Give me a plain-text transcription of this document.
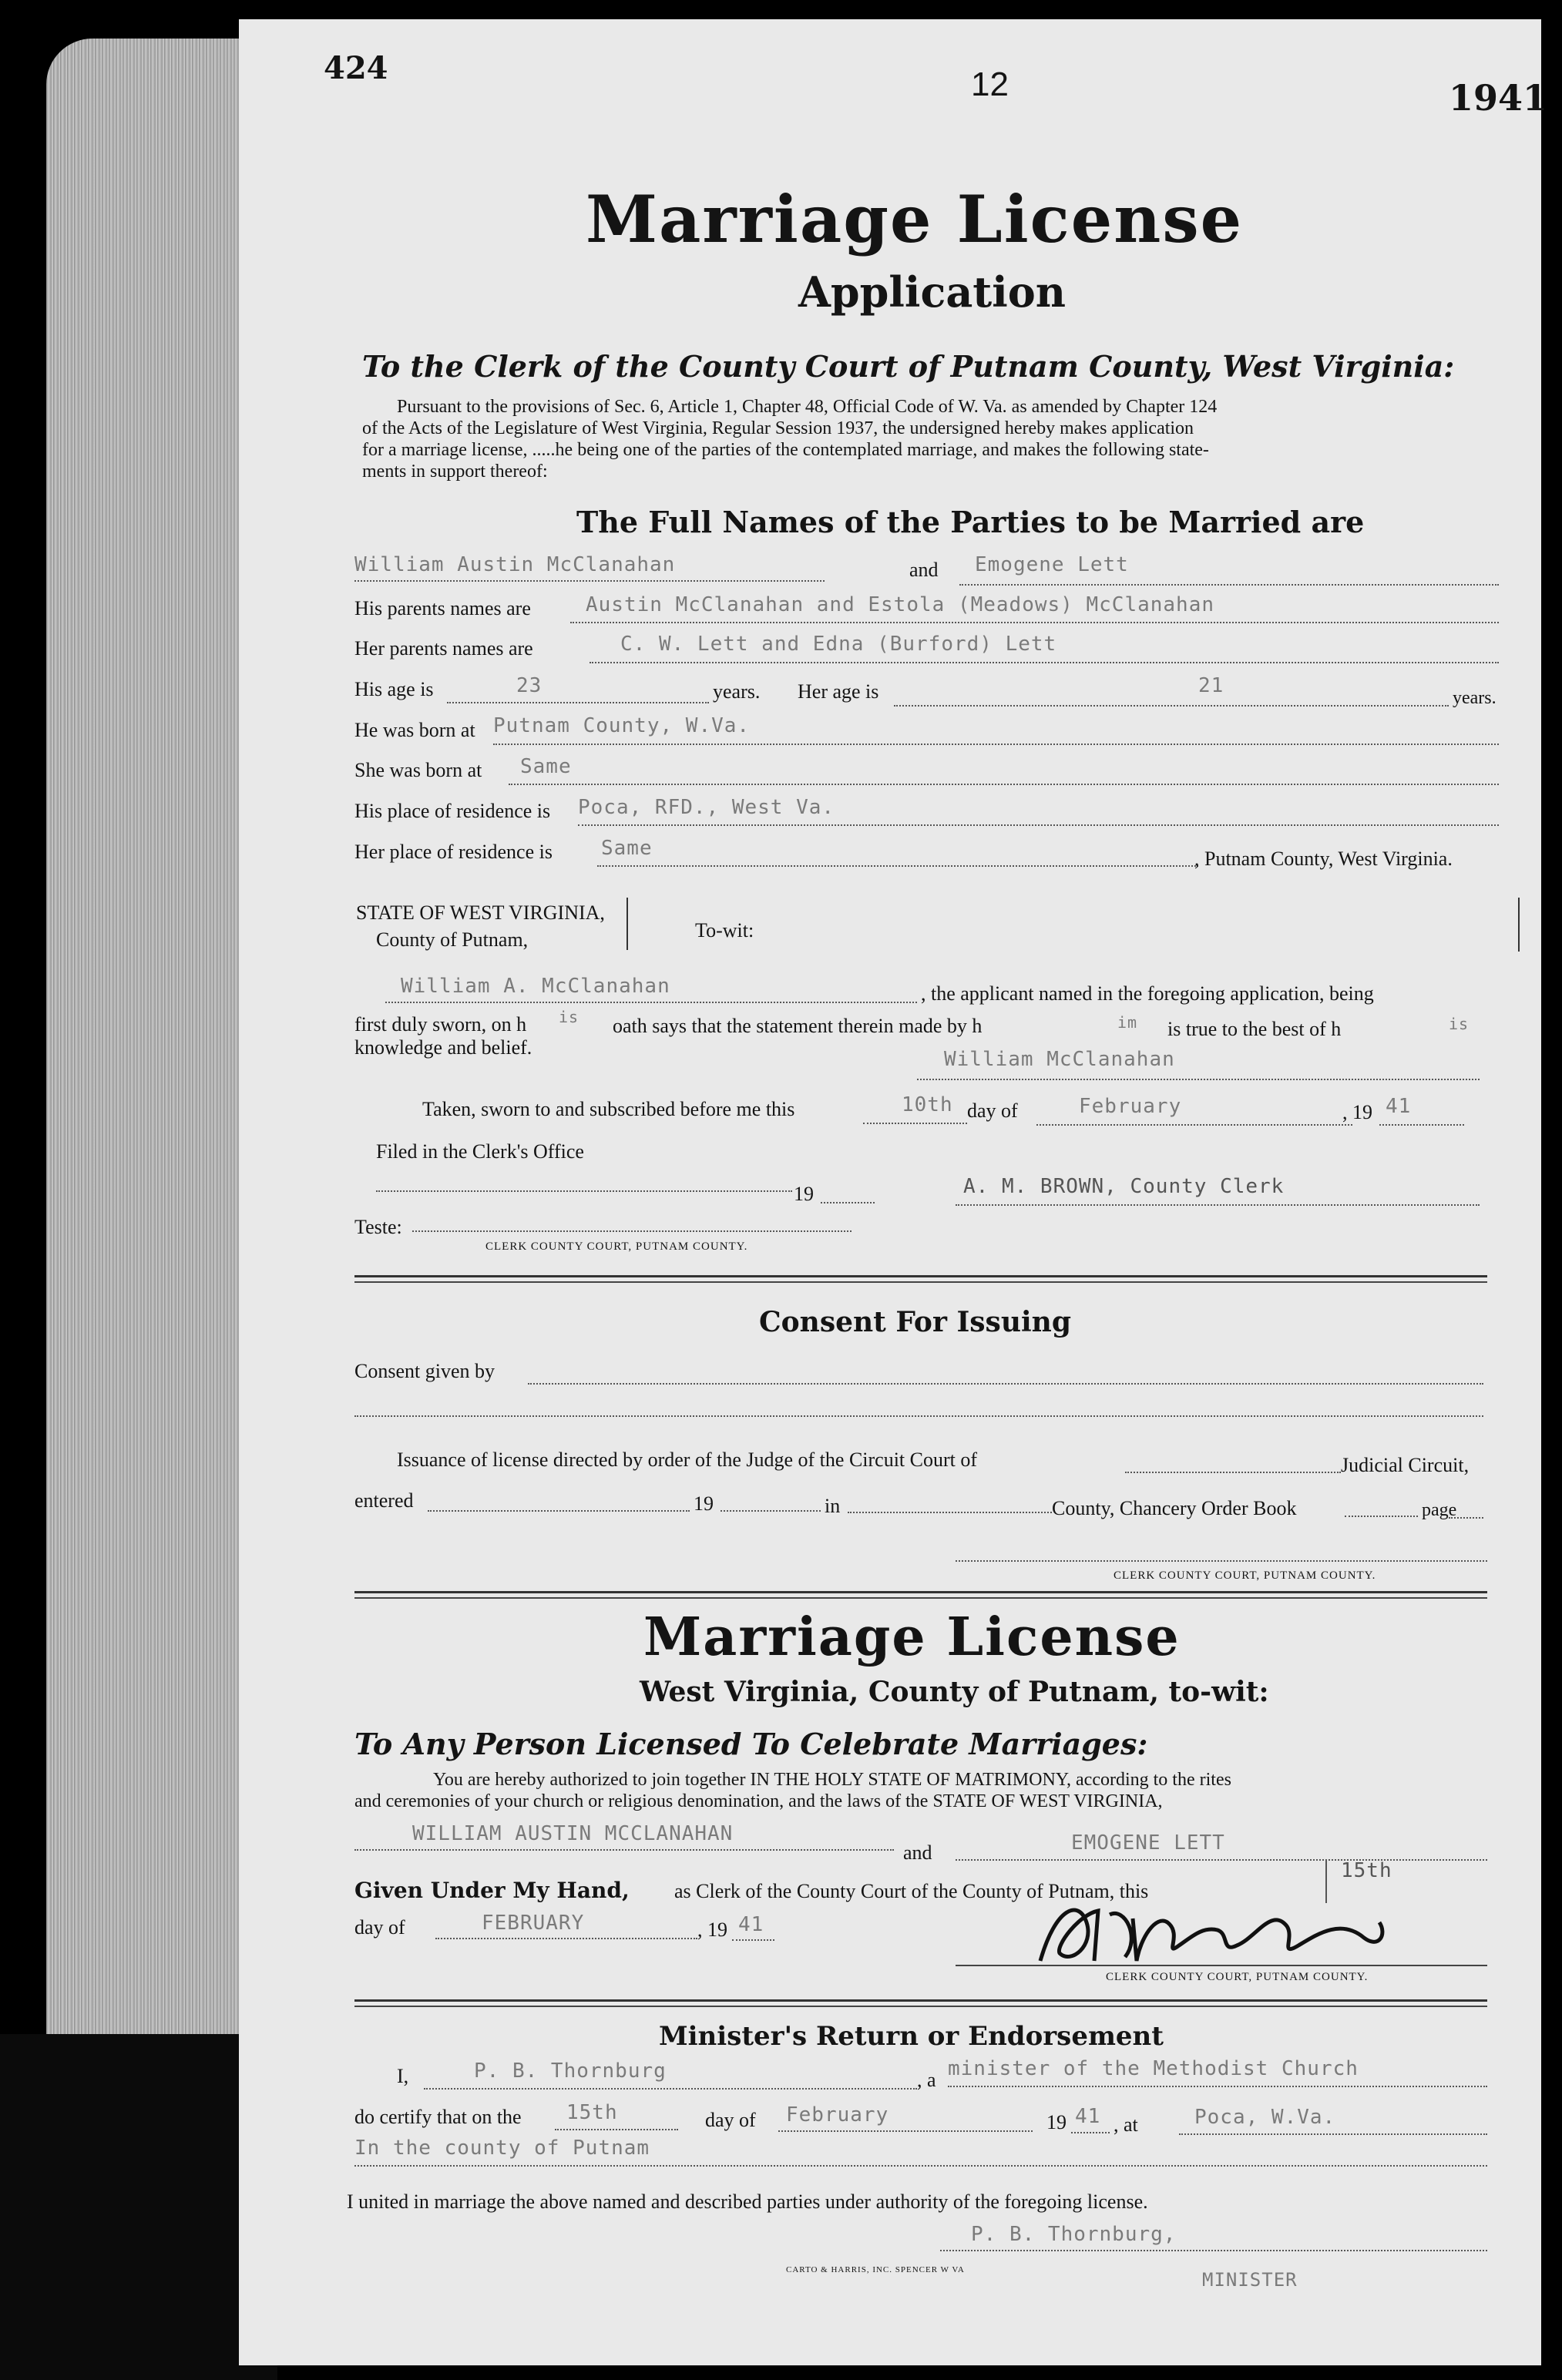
424	12	1941
Marriage License
Application
To the Clerk of the County Court of Putnam County, West Virginia:
Pursuant to the provisions of Sec. 6, Article 1, Chapter 48, Official Code of W. Va. as amended by Chapter 124
of the Acts of the Legislature of West Virginia, Regular Session 1937, the undersigned hereby makes application
for a marriage license, .....he being one of the parties of the contemplated marriage, and makes the following state-
ments in support thereof:
The Full Names of the Parties to be Married are
William Austin McClanahan	and Emogene Lett
His parents names are	Austin McClanahan and Estola (Meadows) McClanahan
Her parents names are	C. W. Lett and Edna (Burford) Lett
His age is	23	years. Her age is	21
years.
He was born at Putnam County, W.Va.
She was born at Same
His place of residence is Poca, RFD., West Va.
Her place of residence is Same	, Putnam County, West Virginia.
STATE OF WEST VIRGINIA,
County of Putnam,	To-wit:
William A. McClanahan	, the applicant named in the foregoing application, being
first duly sworn, on h is oath says that the statement therein made by h	im is true to the best of h	is
knowledge and belief.
William McClanahan
Taken, sworn to and subscribed before me this	10th day of	February	, 19 41
Filed in the Clerk's Office
19	A. M. BROWN, County Clerk
Teste:
CLERK COUNTY COURT, PUTNAM COUNTY.
Consent For Issuing
Consent given by
Issuance of license directed by order of the Judge of the Circuit Court of	Judicial Circuit,
entered	19	in	County, Chancery Order Book	page
CLERK COUNTY COURT, PUTNAM COUNTY.
Marriage License
West Virginia, County of Putnam, to-wit:
To Any Person Licensed To Celebrate Marriages:
You are hereby authorized to join together IN THE HOLY STATE OF MATRIMONY, according to the rites
and ceremonies of your church or religious denomination, and the laws of the STATE OF WEST VIRGINIA,
WILLIAM AUSTIN MCCLANAHAN
and	EMOGENE LETT
Given Under My Hand, as Clerk of the County Court of the County of Putnam, this
15th
day of	FEBRUARY	, 19 41
CLERK COUNTY COURT, PUTNAM COUNTY.
Minister's Return or Endorsement
I,	P. B. Thornburg	, a minister of the Methodist Church
do certify that on the 15th	day of February	19 41 , at	Poca, W.Va.
In the county of Putnam
I united in marriage the above named and described parties under authority of the foregoing license.
P. B. Thornburg,
CARTO & HARRIS, INC. SPENCER W VA	MINISTER
